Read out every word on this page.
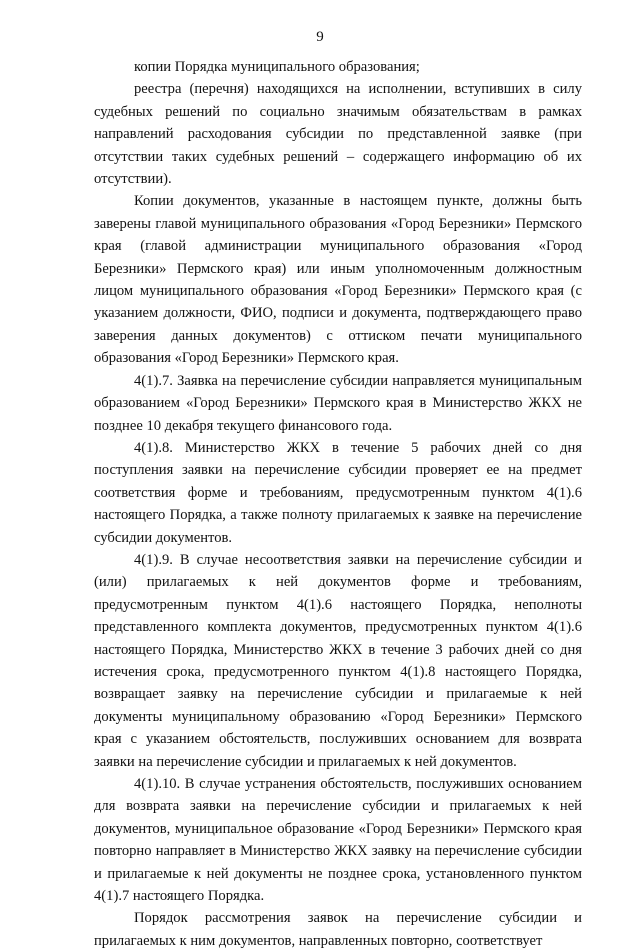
9

копии Порядка муниципального образования;

реестра (перечня) находящихся на исполнении, вступивших в силу судебных решений по социально значимым обязательствам в рамках направлений расходования субсидии по представленной заявке (при отсутствии таких судебных решений – содержащего информацию об их отсутствии).

Копии документов, указанные в настоящем пункте, должны быть заверены главой муниципального образования «Город Березники» Пермского края (главой администрации муниципального образования «Город Березники» Пермского края) или иным уполномоченным должностным лицом муниципального образования «Город Березники» Пермского края (с указанием должности, ФИО, подписи и документа, подтверждающего право заверения данных документов) с оттиском печати муниципального образования «Город Березники» Пермского края.

4(1).7. Заявка на перечисление субсидии направляется муниципальным образованием «Город Березники» Пермского края в Министерство ЖКХ не позднее 10 декабря текущего финансового года.

4(1).8. Министерство ЖКХ в течение 5 рабочих дней со дня поступления заявки на перечисление субсидии проверяет ее на предмет соответствия форме и требованиям, предусмотренным пунктом 4(1).6 настоящего Порядка, а также полноту прилагаемых к заявке на перечисление субсидии документов.

4(1).9. В случае несоответствия заявки на перечисление субсидии и (или) прилагаемых к ней документов форме и требованиям, предусмотренным пунктом 4(1).6 настоящего Порядка, неполноты представленного комплекта документов, предусмотренных пунктом 4(1).6 настоящего Порядка, Министерство ЖКХ в течение 3 рабочих дней со дня истечения срока, предусмотренного пунктом 4(1).8 настоящего Порядка, возвращает заявку на перечисление субсидии и прилагаемые к ней документы муниципальному образованию «Город Березники» Пермского края с указанием обстоятельств, послуживших основанием для возврата заявки на перечисление субсидии и прилагаемых к ней документов.

4(1).10. В случае устранения обстоятельств, послуживших основанием для возврата заявки на перечисление субсидии и прилагаемых к ней документов, муниципальное образование «Город Березники» Пермского края повторно направляет в Министерство ЖКХ заявку на перечисление субсидии и прилагаемые к ней документы не позднее срока, установленного пунктом 4(1).7 настоящего Порядка.

Порядок рассмотрения заявок на перечисление субсидии и прилагаемых к ним документов, направленных повторно, соответствует
